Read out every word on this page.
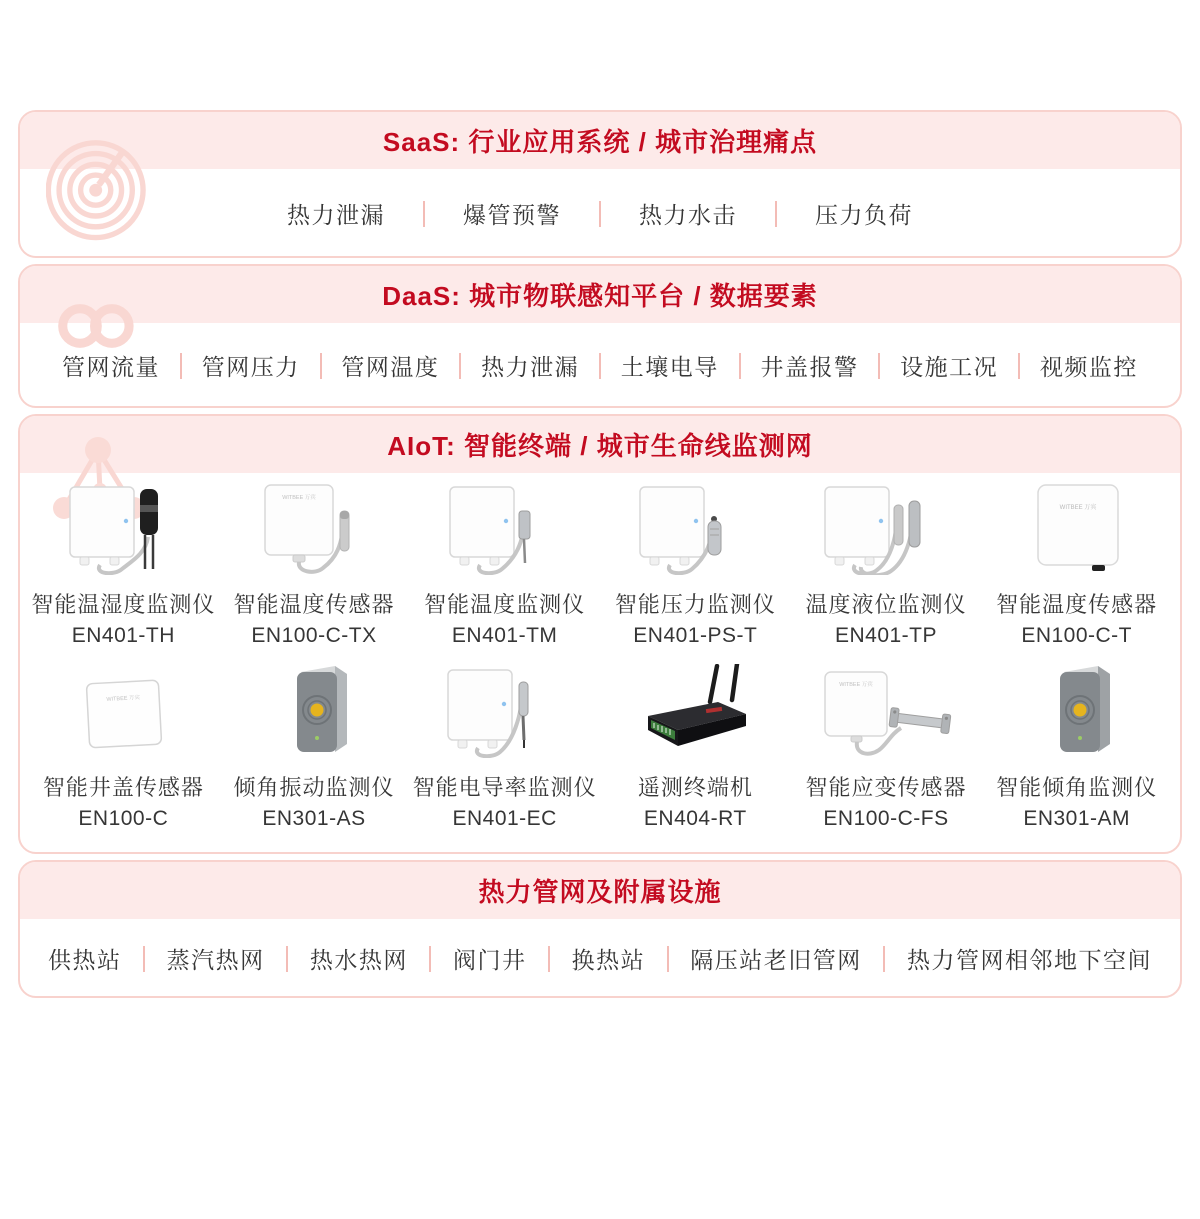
SaaS: 行业应用系统 / 城市治理痛点
热力泄漏	爆管预警	热力水击	压力负荷
DaaS: 城市物联感知平台 / 数据要素
管网流量 管网压力 管网温度 热力泄漏 土壤电导 井盖报警 设施工况 视频监控
AIoT: 智能终端 / 城市生命线监测网
智能温湿度监测仪
EN401-TH
WITBEE 万宾
智能温度传感器
EN100-C-TX
智能温度监测仪
EN401-TM
智能压力监测仪
EN401-PS-T
温度液位监测仪
EN401-TP
WITBEE 万宾
智能温度传感器
EN100-C-T
WITBEE 万宾
智能井盖传感器
EN100-C
倾角振动监测仪
EN301-AS
智能电导率监测仪
EN401-EC
遥测终端机
EN404-RT
WITBEE 万宾
智能应变传感器
EN100-C-FS
智能倾角监测仪
EN301-AM
热力管网及附属设施
供热站 蒸汽热网 热水热网 阀门井 换热站 隔压站老旧管网 热力管网相邻地下空间
